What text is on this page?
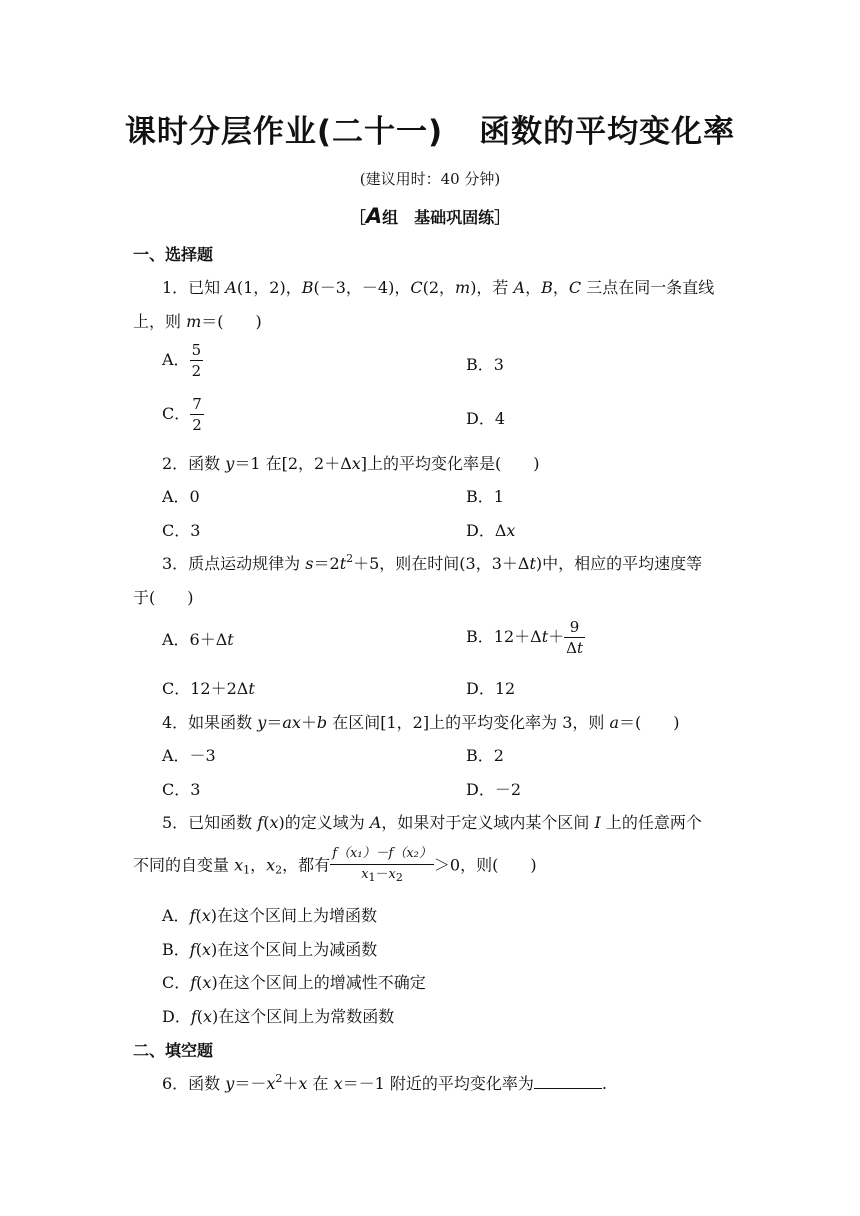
课时分层作业(二十一) 函数的平均变化率
(建议用时：40 分钟)
［A组　基础巩固练］
一、选择题
1．已知 A(1，2)，B(－3，－4)，C(2，m)，若 A，B，C 三点在同一条直线
上，则 m＝(　　)
A． $\frac{5}{2}$	B．3
C． $\frac{7}{2}$	D．4
2．函数 y＝1 在[2，2＋Δx]上的平均变化率是(　　)
A．0	B．1
C．3	D．Δx
3．质点运动规律为 $s=2t^2+5$，则在时间(3，3＋Δt)中，相应的平均速度等
于(　　)
A．6＋Δt	B．$12+\Delta t+ \frac{9}{\Delta t}$
C．12＋2Δt	D．12
4．如果函数 y＝ax＋b 在区间[1，2]上的平均变化率为 3，则 a＝(　　)
A．－3	B．2
C．3	D．－2
5．已知函数 f(x)的定义域为 A，如果对于定义域内某个区间 I 上的任意两个
不同的自变量 $x_1$，$x_2$，都有 $\frac{\text{f（x₁）－f（x₂）}}{x_1-x_2} >0$，则(　　)
A．f(x)在这个区间上为增函数
B．f(x)在这个区间上为减函数
C．f(x)在这个区间上的增减性不确定
D．f(x)在这个区间上为常数函数
二、填空题
6．函数 $y=-x^2+x$ 在 x＝－1 附近的平均变化率为	.
